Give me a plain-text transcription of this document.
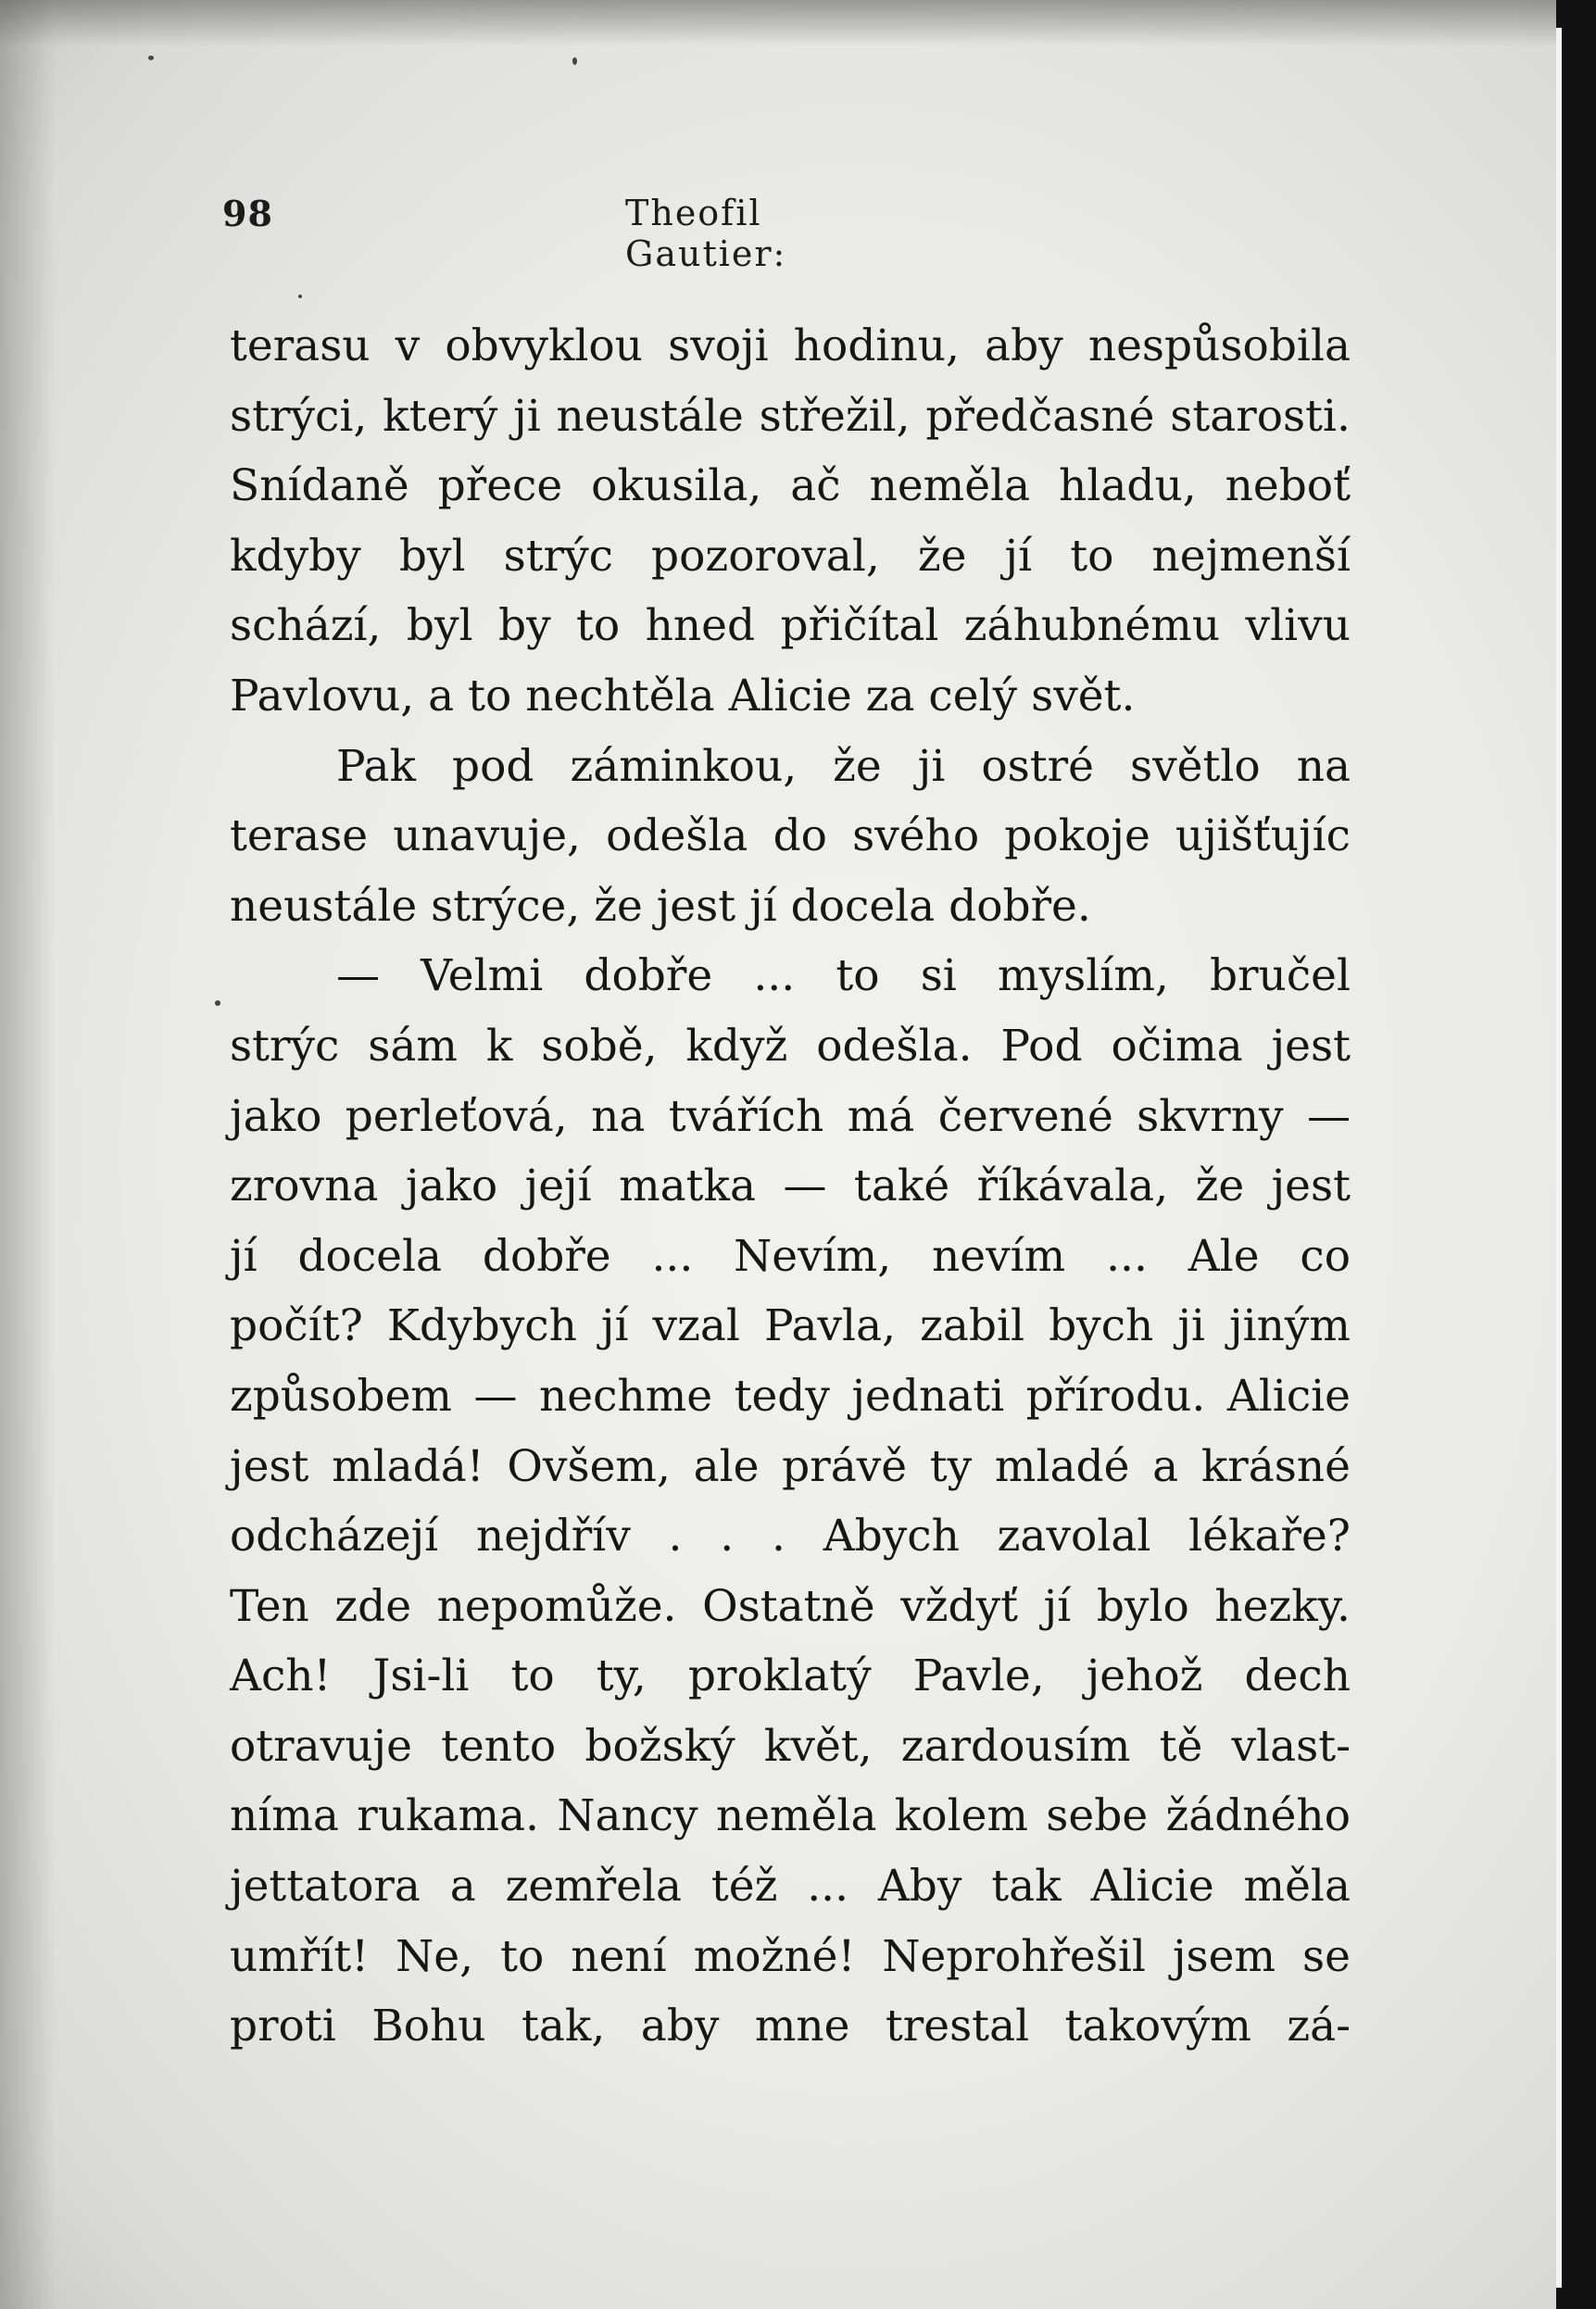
98	Theofil Gautier:
terasu v obvyklou svoji hodinu, aby nespůsobila
strýci, který ji neustále střežil, předčasné starosti.
Snídaně přece okusila, ač neměla hladu, neboť
kdyby byl strýc pozoroval, že jí to nejmenší
schází, byl by to hned přičítal záhubnému vlivu
Pavlovu, a to nechtěla Alicie za celý svět.
Pak pod záminkou, že ji ostré světlo na
terase unavuje, odešla do svého pokoje ujišťujíc
neustále strýce, že jest jí docela dobře.
— Velmi dobře ... to si myslím, bručel
strýc sám k sobě, když odešla. Pod očima jest
jako perleťová, na tvářích má červené skvrny —
zrovna jako její matka — také říkávala, že jest
jí docela dobře ... Nevím, nevím ... Ale co
počít? Kdybych jí vzal Pavla, zabil bych ji jiným
způsobem — nechme tedy jednati přírodu. Alicie
jest mladá! Ovšem, ale právě ty mladé a krásné
odcházejí nejdřív . . . Abych zavolal lékaře?
Ten zde nepomůže. Ostatně vždyť jí bylo hezky.
Ach! Jsi-li to ty, proklatý Pavle, jehož dech
otravuje tento božský květ, zardousím tě vlast-
níma rukama. Nancy neměla kolem sebe žádného
jettatora a zemřela též ... Aby tak Alicie měla
umřít! Ne, to není možné! Neprohřešil jsem se
proti Bohu tak, aby mne trestal takovým zá-
